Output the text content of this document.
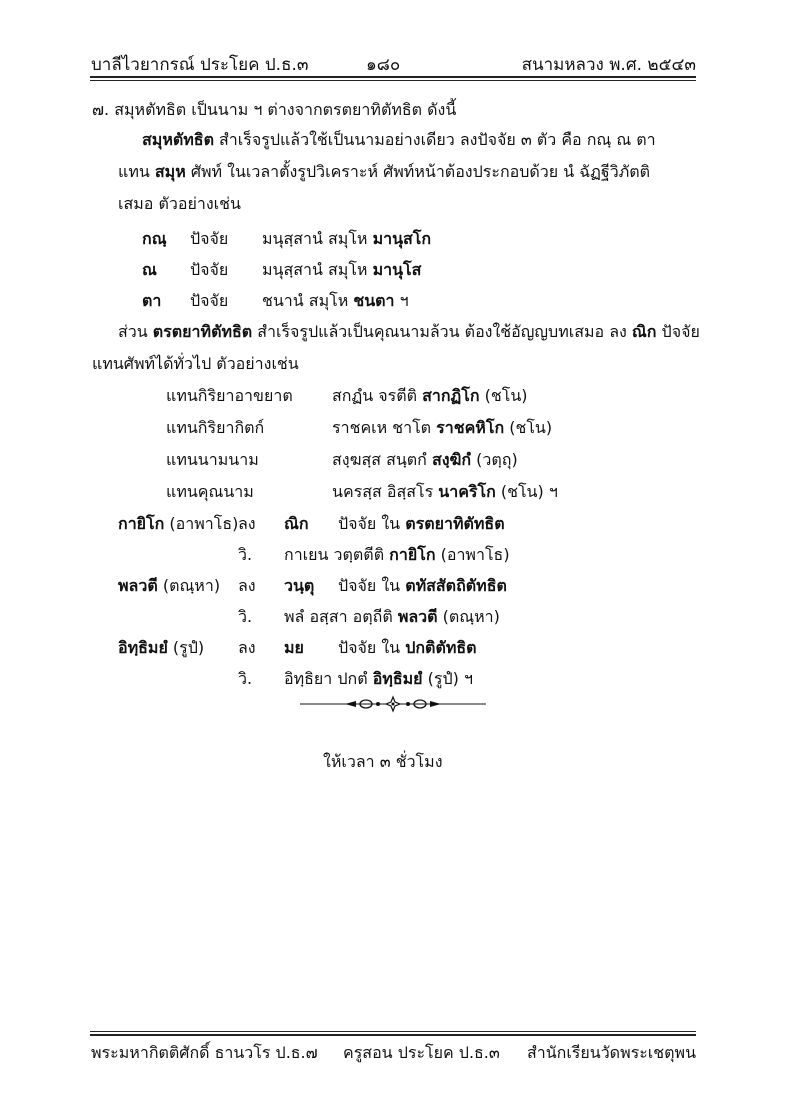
บาลีไวยากรณ์ ประโยค ป.ธ.๓	๑๘๐	สนามหลวง พ.ศ. ๒๕๔๓
๗. สมุหตัทธิต เป็นนาม ฯ ต่างจากตรตยาทิตัทธิต ดังนี้
สมุหตัทธิต สำเร็จรูปแล้วใช้เป็นนามอย่างเดียว ลงปัจจัย ๓ ตัว คือ กณฺ ณ ตา
แทน สมุห ศัพท์ ในเวลาตั้งรูปวิเคราะห์ ศัพท์หน้าต้องประกอบด้วย นํ ฉัฏฐีวิภัตติ
เสมอ ตัวอย่างเช่น
กณฺ ปัจจัย มนุสฺสานํ สมุโห มานุสโก
ณ ปัจจัย มนุสฺสานํ สมุโห มานุโส
ตา ปัจจัย ชนานํ สมุโห ชนตา ฯ
ส่วน ตรตยาทิตัทธิต สำเร็จรูปแล้วเป็นคุณนามล้วน ต้องใช้อัญญบทเสมอ ลง ณิก ปัจจัย
แทนศัพท์ได้ทั่วไป ตัวอย่างเช่น
แทนกิริยาอาขยาต สกฏํน จรตีติ สากฏิโก (ชโน)
แทนกิริยากิตก์	ราชคเห ชาโต ราชคหิโก (ชโน)
แทนนามนาม	สงฺฆสฺส สนฺตกํ สงฺฆิกํ (วตฺถุ)
แทนคุณนาม	นครสฺส อิสฺสโร นาคริโก (ชโน) ฯ
กายิโก (อาพาโธ) ลง ณิก ปัจจัย ใน ตรตยาทิตัทธิต
วิ. กาเยน วตฺตตีติ กายิโก (อาพาโธ)
พลวตี (ตณฺหา) ลง วนฺตุ ปัจจัย ใน ตทัสสัตถิตัทธิต
วิ. พลํ อสฺสา อตฺถีติ พลวตี (ตณฺหา)
อิทฺธิมยํ (รูปํ) ลง มย ปัจจัย ใน ปกติตัทธิต
วิ. อิทฺธิยา ปกตํ อิทฺธิมยํ (รูปํ) ฯ
ให้เวลา ๓ ชั่วโมง
พระมหากิตติศักดิ์ ธานวโร ป.ธ.๗ ครูสอน ประโยค ป.ธ.๓ สำนักเรียนวัดพระเชตุพน
